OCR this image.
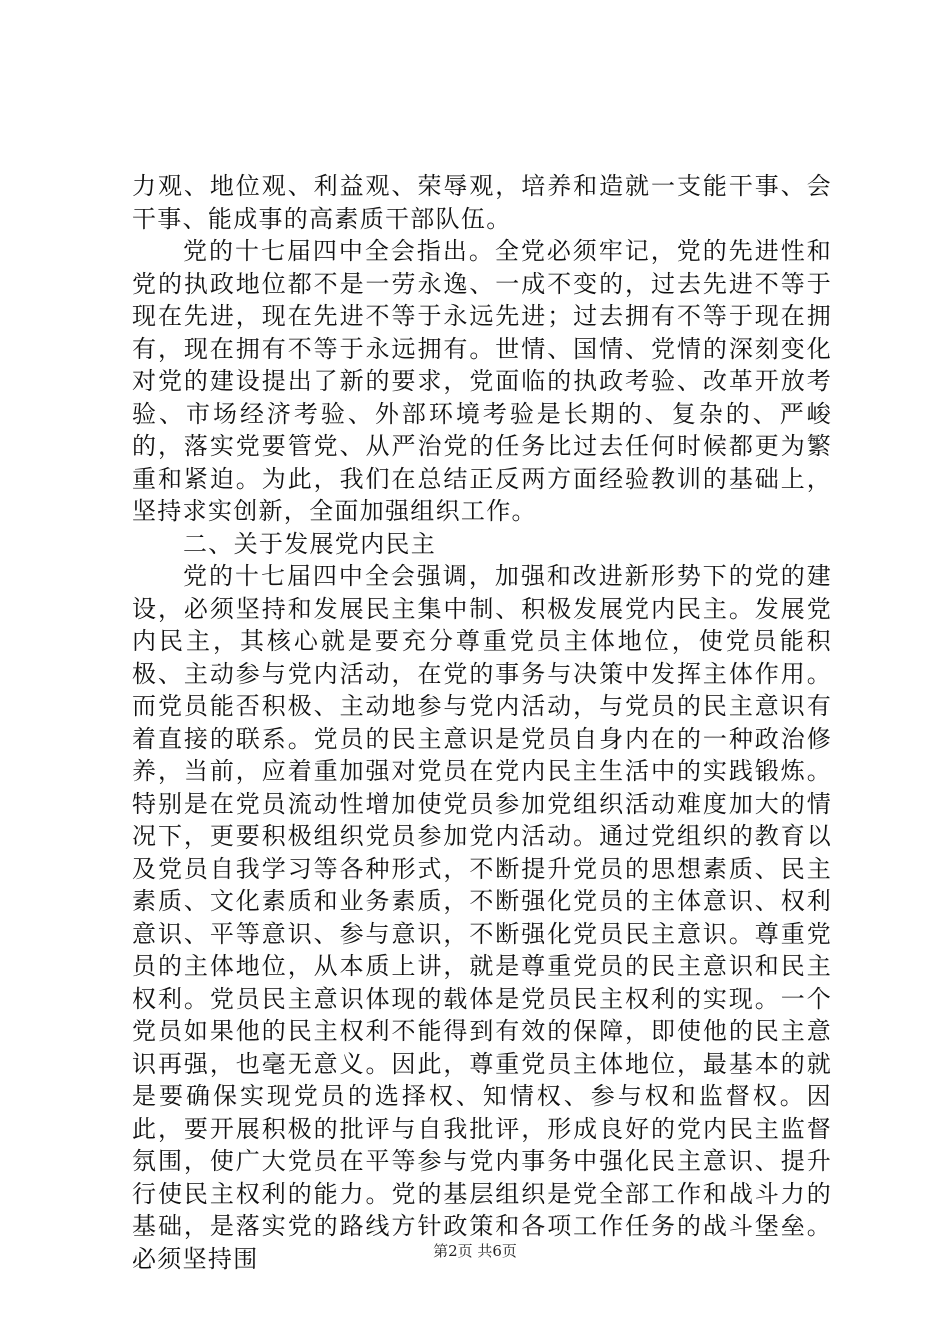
力观、地位观、利益观、荣辱观，培养和造就一支能干事、会干事、能成事的高素质干部队伍。

党的十七届四中全会指出。全党必须牢记，党的先进性和党的执政地位都不是一劳永逸、一成不变的，过去先进不等于现在先进，现在先进不等于永远先进；过去拥有不等于现在拥有，现在拥有不等于永远拥有。世情、国情、党情的深刻变化对党的建设提出了新的要求，党面临的执政考验、改革开放考验、市场经济考验、外部环境考验是长期的、复杂的、严峻的，落实党要管党、从严治党的任务比过去任何时候都更为繁重和紧迫。为此，我们在总结正反两方面经验教训的基础上，坚持求实创新，全面加强组织工作。

二、关于发展党内民主

党的十七届四中全会强调，加强和改进新形势下的党的建设，必须坚持和发展民主集中制、积极发展党内民主。发展党内民主，其核心就是要充分尊重党员主体地位，使党员能积极、主动参与党内活动，在党的事务与决策中发挥主体作用。而党员能否积极、主动地参与党内活动，与党员的民主意识有着直接的联系。党员的民主意识是党员自身内在的一种政治修养，当前，应着重加强对党员在党内民主生活中的实践锻炼。特别是在党员流动性增加使党员参加党组织活动难度加大的情况下，更要积极组织党员参加党内活动。通过党组织的教育以及党员自我学习等各种形式，不断提升党员的思想素质、民主素质、文化素质和业务素质，不断强化党员的主体意识、权利意识、平等意识、参与意识，不断强化党员民主意识。尊重党员的主体地位，从本质上讲，就是尊重党员的民主意识和民主权利。党员民主意识体现的载体是党员民主权利的实现。一个党员如果他的民主权利不能得到有效的保障，即使他的民主意识再强，也毫无意义。因此，尊重党员主体地位，最基本的就是要确保实现党员的选择权、知情权、参与权和监督权。因此，要开展积极的批评与自我批评，形成良好的党内民主监督氛围，使广大党员在平等参与党内事务中强化民主意识、提升行使民主权利的能力。党的基层组织是党全部工作和战斗力的基础，是落实党的路线方针政策和各项工作任务的战斗堡垒。必须坚持围	第2页 共6页
